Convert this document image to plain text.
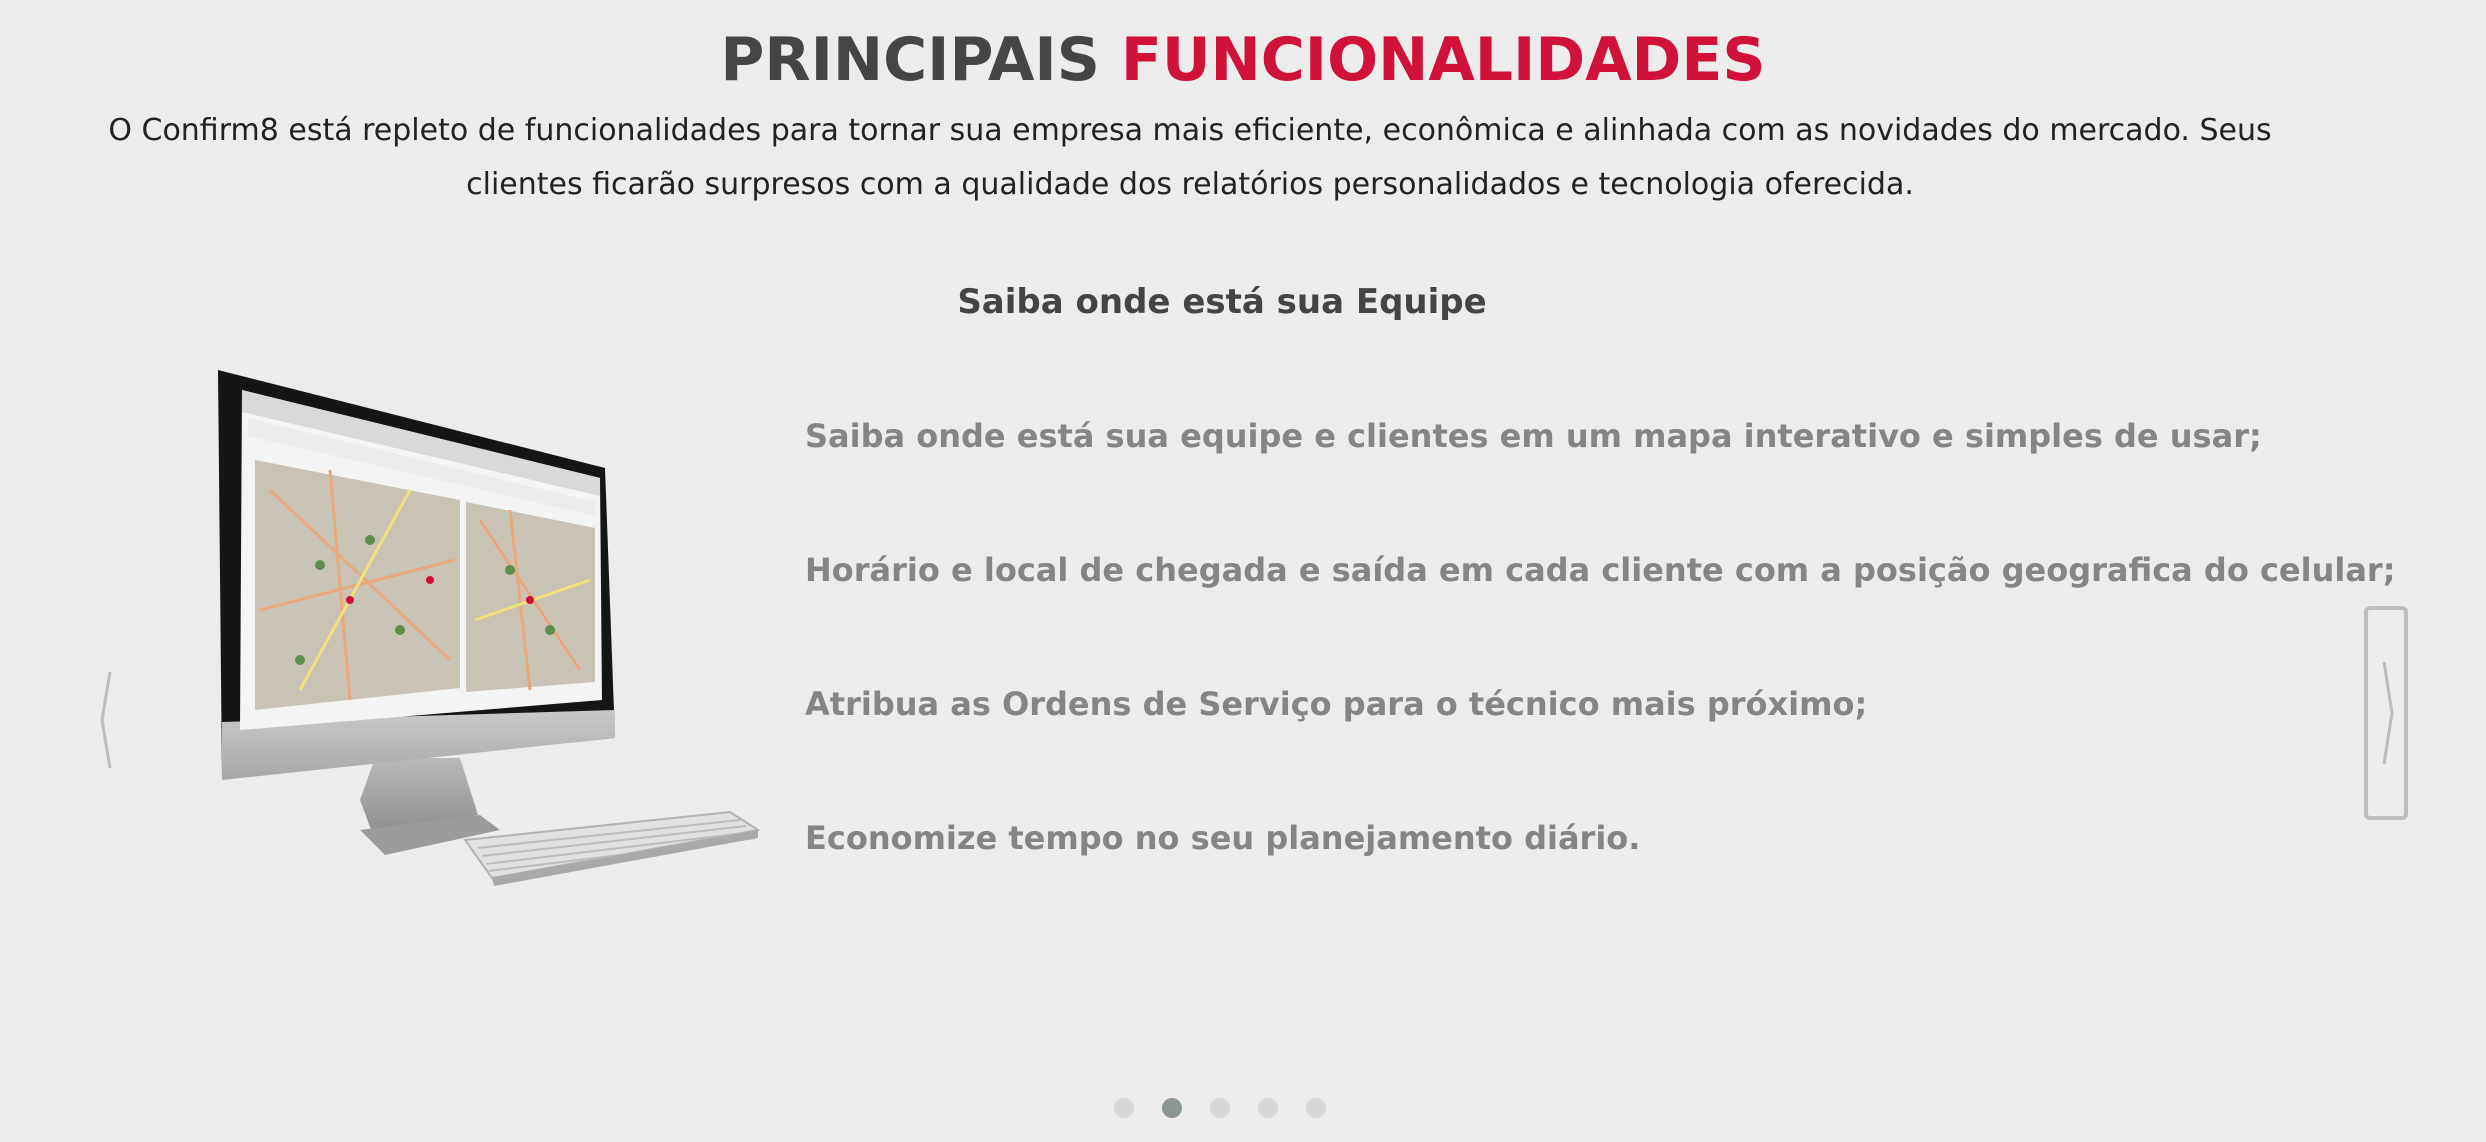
PRINCIPAIS FUNCIONALIDADES

O Confirm8 está repleto de funcionalidades para tornar sua empresa mais eficiente, econômica e alinhada com as novidades do mercado. Seus clientes ficarão surpresos com a qualidade dos relatórios personalidados e tecnologia oferecida.

Saiba onde está sua Equipe
Saiba onde está sua equipe e clientes em um mapa interativo e simples de usar;
Horário e local de chegada e saída em cada cliente com a posição geografica do celular;
Atribua as Ordens de Serviço para o técnico mais próximo;
Economize tempo no seu planejamento diário.
